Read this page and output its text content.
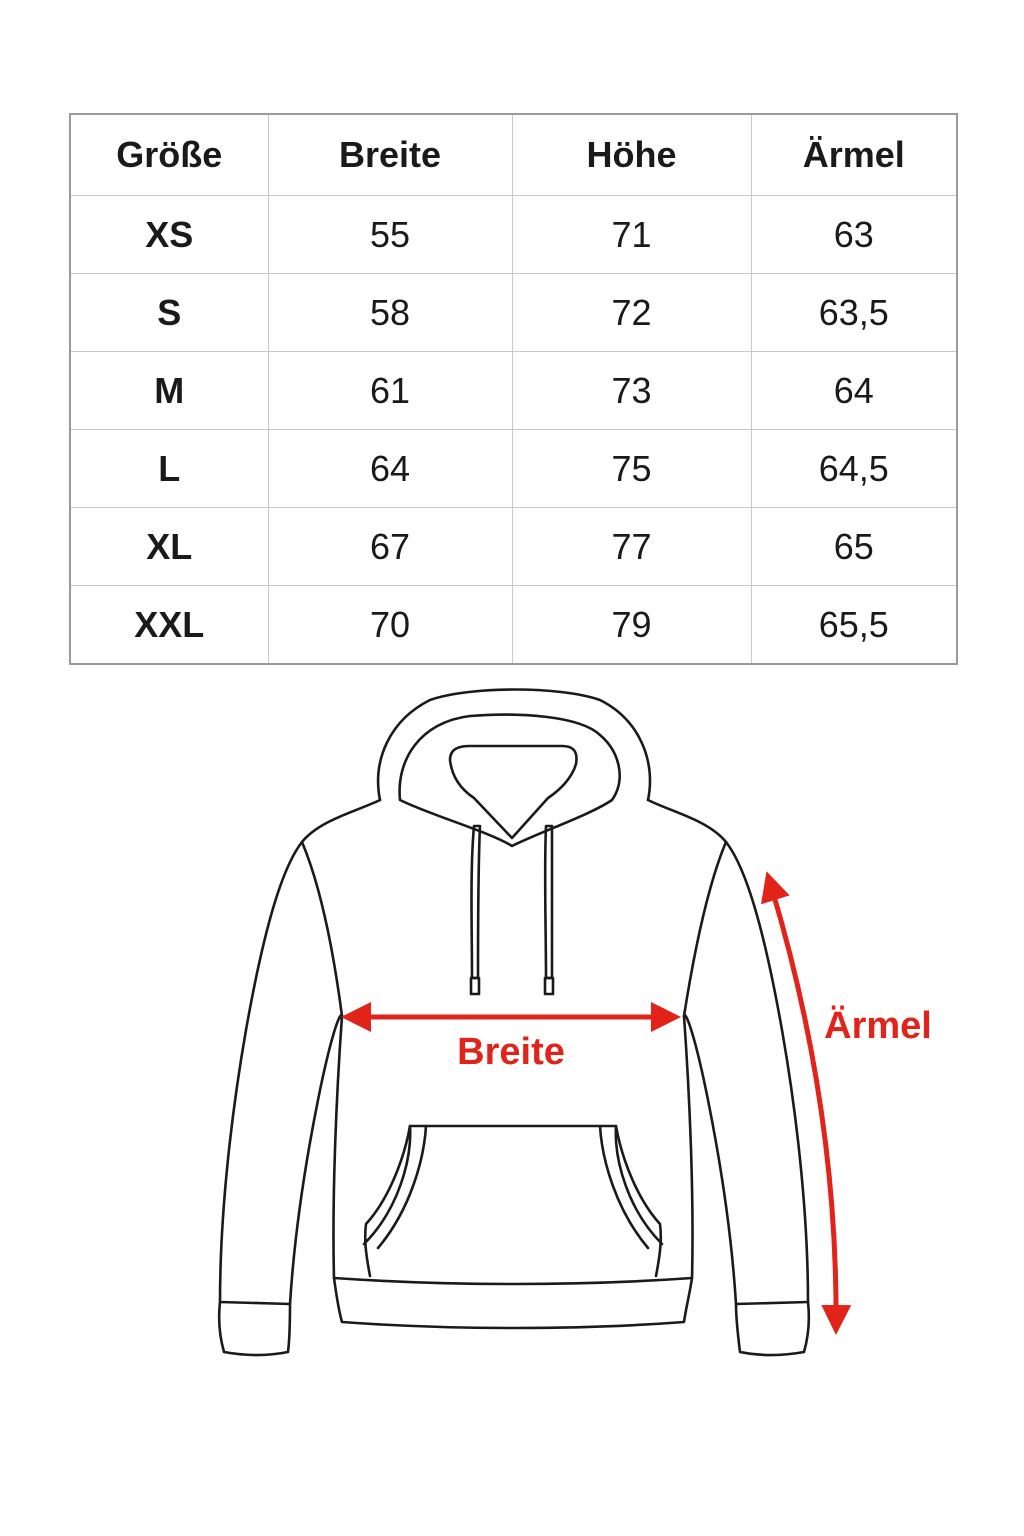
Größe	Breite	Höhe	Ärmel
XS	55	71	63
S	58	72	63,5
M	61	73	64
L	64	75	64,5
XL	67	77	65
XXL	70	79	65,5
Breite
Ärmel
